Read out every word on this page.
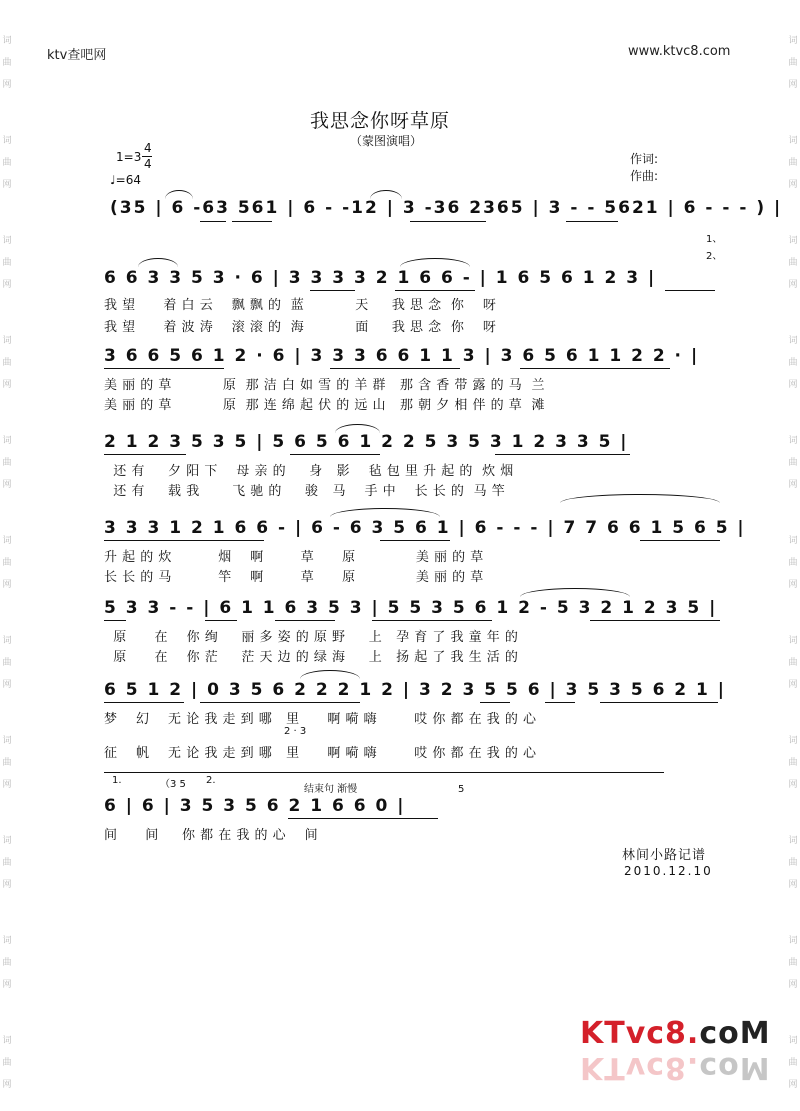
词
曲
网
词
曲
网
词
曲
网
词
曲
网
词
曲
网
词
曲
网
词
曲
网
词
曲
网
词
曲
网
词
曲
网
词
曲
网
词
曲
网
词
曲
网
词
曲
网
词
曲
网
词
曲
网
词
曲
网
词
曲
网
词
曲
网
词
曲
网
词
曲
网
词
曲
网
ktv查吧网	www.ktvc8.com
我思念你呀草原
（蒙图演唱）
1=3
4
4
♩=64
作词:
作曲:
(35 | 6 -63 561 | 6 - -12 | 3 -36 2365 | 3 - - 5621 | 6 - - - ) |
1、
2、
6 6 3 3 5 3 · 6 | 3 3 3 3 2 1 6 6 - | 1 6 5 6 1 2 3 |
我 望      着 白 云    飘 飘 的  蓝           天     我 思 念  你    呀
我 望      着 波 涛    滚 滚 的  海           面     我 思 念  你    呀
3 6 6 5 6 1 2 · 6 | 3 3 3 6 6 1 1 3 | 3 6 5 6 1 1 2 2 · |
美 丽 的 草           原  那 洁 白 如 雪 的 羊 群   那 含 香 带 露 的 马  兰
美 丽 的 草           原  那 连 绵 起 伏 的 远 山   那 朝 夕 相 伴 的 草  滩
2 1 2 3 5 3 5 | 5 6 5 6 1 2 2 5 3 5 3 1 2 3 3 5 |
还 有     夕 阳 下    母 亲 的     身   影    毡 包 里 升 起 的  炊 烟
还 有     载 我       飞 驰 的     骏   马    手 中    长 长 的  马 竿
3 3 3 1 2 1 6 6 - | 6 - 6 3 5 6 1 | 6 - - - | 7 7 6 6 1 5 6 5 |
升 起 的 炊          烟    啊        草      原             美 丽 的 草
长 长 的 马          竿    啊        草      原             美 丽 的 草
5 3 3 - - | 6 1 1 6 3 5 3 | 5 5 3 5 6 1 2 - 5 3 2 1 2 3 5 |
原      在    你 绚     丽 多 姿 的 原 野     上   孕 育 了 我 童 年 的
原      在    你 茫     茫 天 边 的 绿 海     上   扬 起 了 我 生 活 的
6 5 1 2 | 0 3 5 6 2 2 2 1 2 | 3 2 3 5 5 6 | 3 5 3 5 6 2 1 |
梦    幻    无 论 我 走 到 哪   里      啊 嗬 嗨        哎 你 都 在 我 的 心
2 · 3
征    帆    无 论 我 走 到 哪   里      啊 嗬 嗨        哎 你 都 在 我 的 心
1.	（3 5 2.
结束句 渐慢	5
6 | 6 | 3 5 3 5 6 2 1 6 6 0 |
间      间     你 都 在 我 的 心    间
林间小路记谱
2010.12.10
KTvc8.coM
KTvc8.coM
